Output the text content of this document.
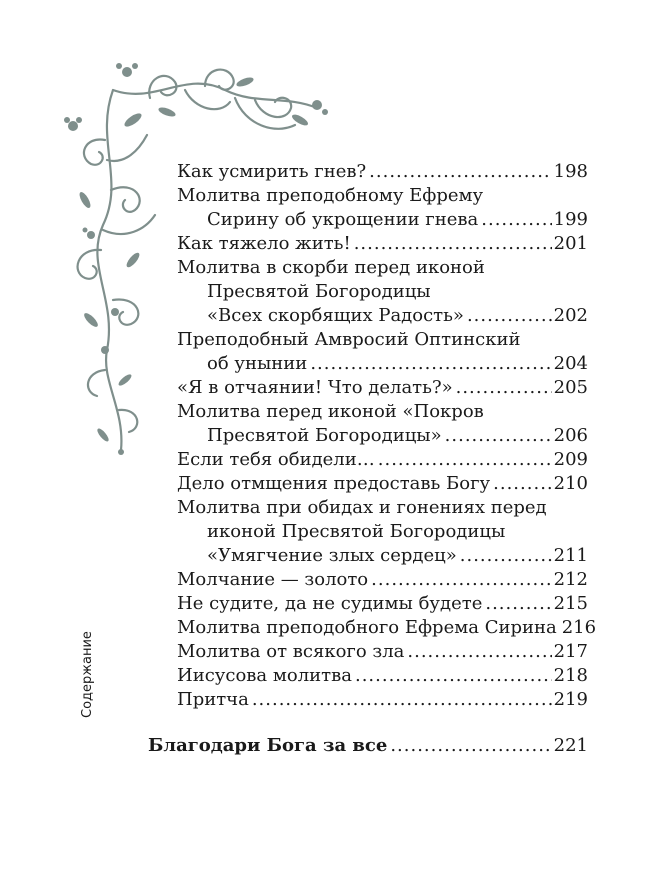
Как усмирить гнев? .....	198
Молитва преподобному Ефрему
Сирину об укрощении гнева .....	199
Как тяжело жить! .....	201
Молитва в скорби перед иконой
Пресвятой Богородицы
«Всех скорбящих Радость» .....	202
Преподобный Амвросий Оптинский
об унынии .....	204
«Я в отчаянии! Что делать?» .....	205
Молитва перед иконой «Покров
Пресвятой Богородицы» .....	206
Если тебя обидели… .....	209
Дело отмщения предоставь Богу .....	210
Молитва при обидах и гонениях перед
иконой Пресвятой Богородицы
«Умягчение злых сердец» .....	211
Молчание — золото .....	212
Не судите, да не судимы будете .....	215
Молитва преподобного Ефрема Сирина 216
Молитва от всякого зла .....	217
Иисусова молитва .....	218
Притча .....	219
Благодари Бога за все .....	221
Содержание
